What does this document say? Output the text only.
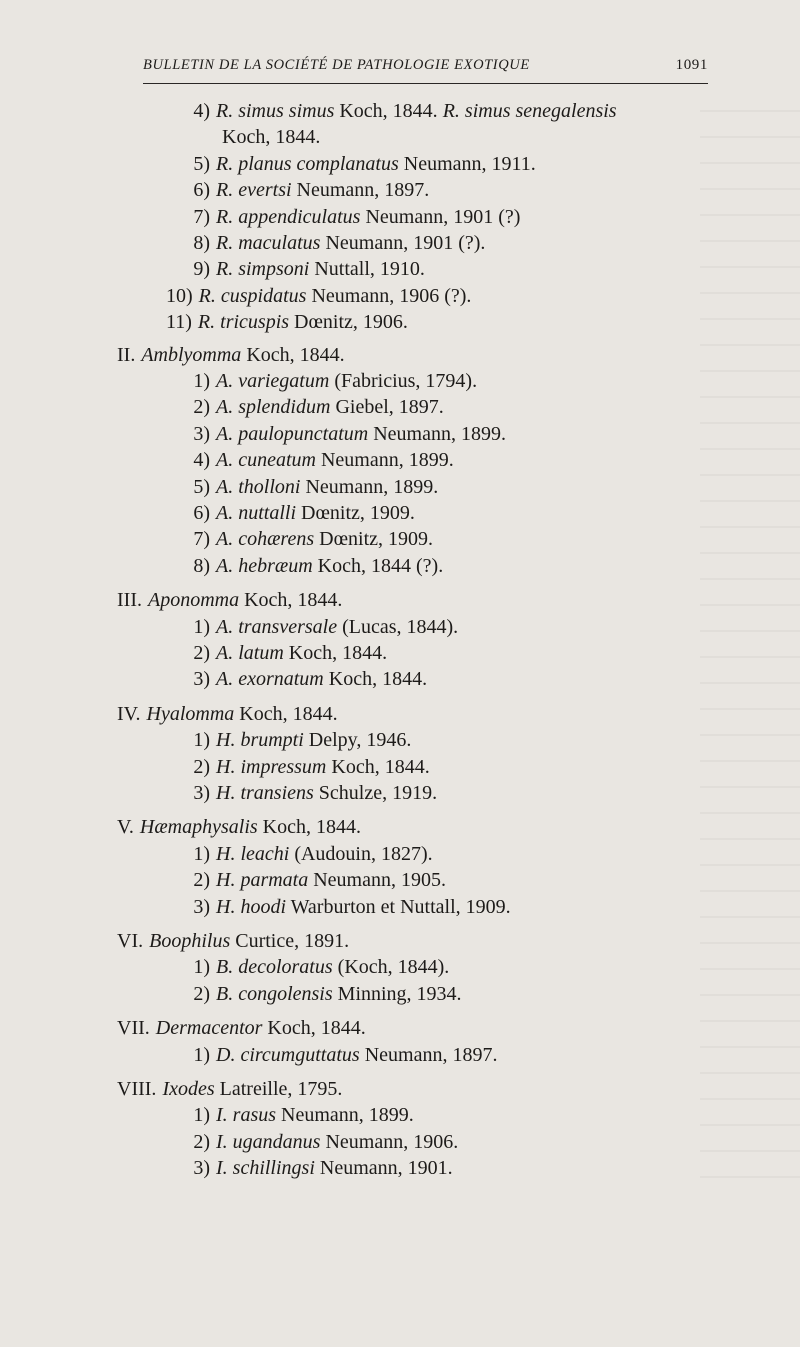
BULLETIN DE LA SOCIÉTÉ DE PATHOLOGIE EXOTIQUE	1091
4) R. simus simus Koch, 1844. R. simus senegalensis
Koch, 1844.
5) R. planus complanatus Neumann, 1911.
6) R. evertsi Neumann, 1897.
7) R. appendiculatus Neumann, 1901 (?)
8) R. maculatus Neumann, 1901 (?).
9) R. simpsoni Nuttall, 1910.
10) R. cuspidatus Neumann, 1906 (?).
11) R. tricuspis Dœnitz, 1906.
II. Amblyomma Koch, 1844.
1) A. variegatum (Fabricius, 1794).
2) A. splendidum Giebel, 1897.
3) A. paulopunctatum Neumann, 1899.
4) A. cuneatum Neumann, 1899.
5) A. tholloni Neumann, 1899.
6) A. nuttalli Dœnitz, 1909.
7) A. cohærens Dœnitz, 1909.
8) A. hebræum Koch, 1844 (?).
III. Aponomma Koch, 1844.
1) A. transversale (Lucas, 1844).
2) A. latum Koch, 1844.
3) A. exornatum Koch, 1844.
IV. Hyalomma Koch, 1844.
1) H. brumpti Delpy, 1946.
2) H. impressum Koch, 1844.
3) H. transiens Schulze, 1919.
V. Hæmaphysalis Koch, 1844.
1) H. leachi (Audouin, 1827).
2) H. parmata Neumann, 1905.
3) H. hoodi Warburton et Nuttall, 1909.
VI. Boophilus Curtice, 1891.
1) B. decoloratus (Koch, 1844).
2) B. congolensis Minning, 1934.
VII. Dermacentor Koch, 1844.
1) D. circumguttatus Neumann, 1897.
VIII. Ixodes Latreille, 1795.
1) I. rasus Neumann, 1899.
2) I. ugandanus Neumann, 1906.
3) I. schillingsi Neumann, 1901.
